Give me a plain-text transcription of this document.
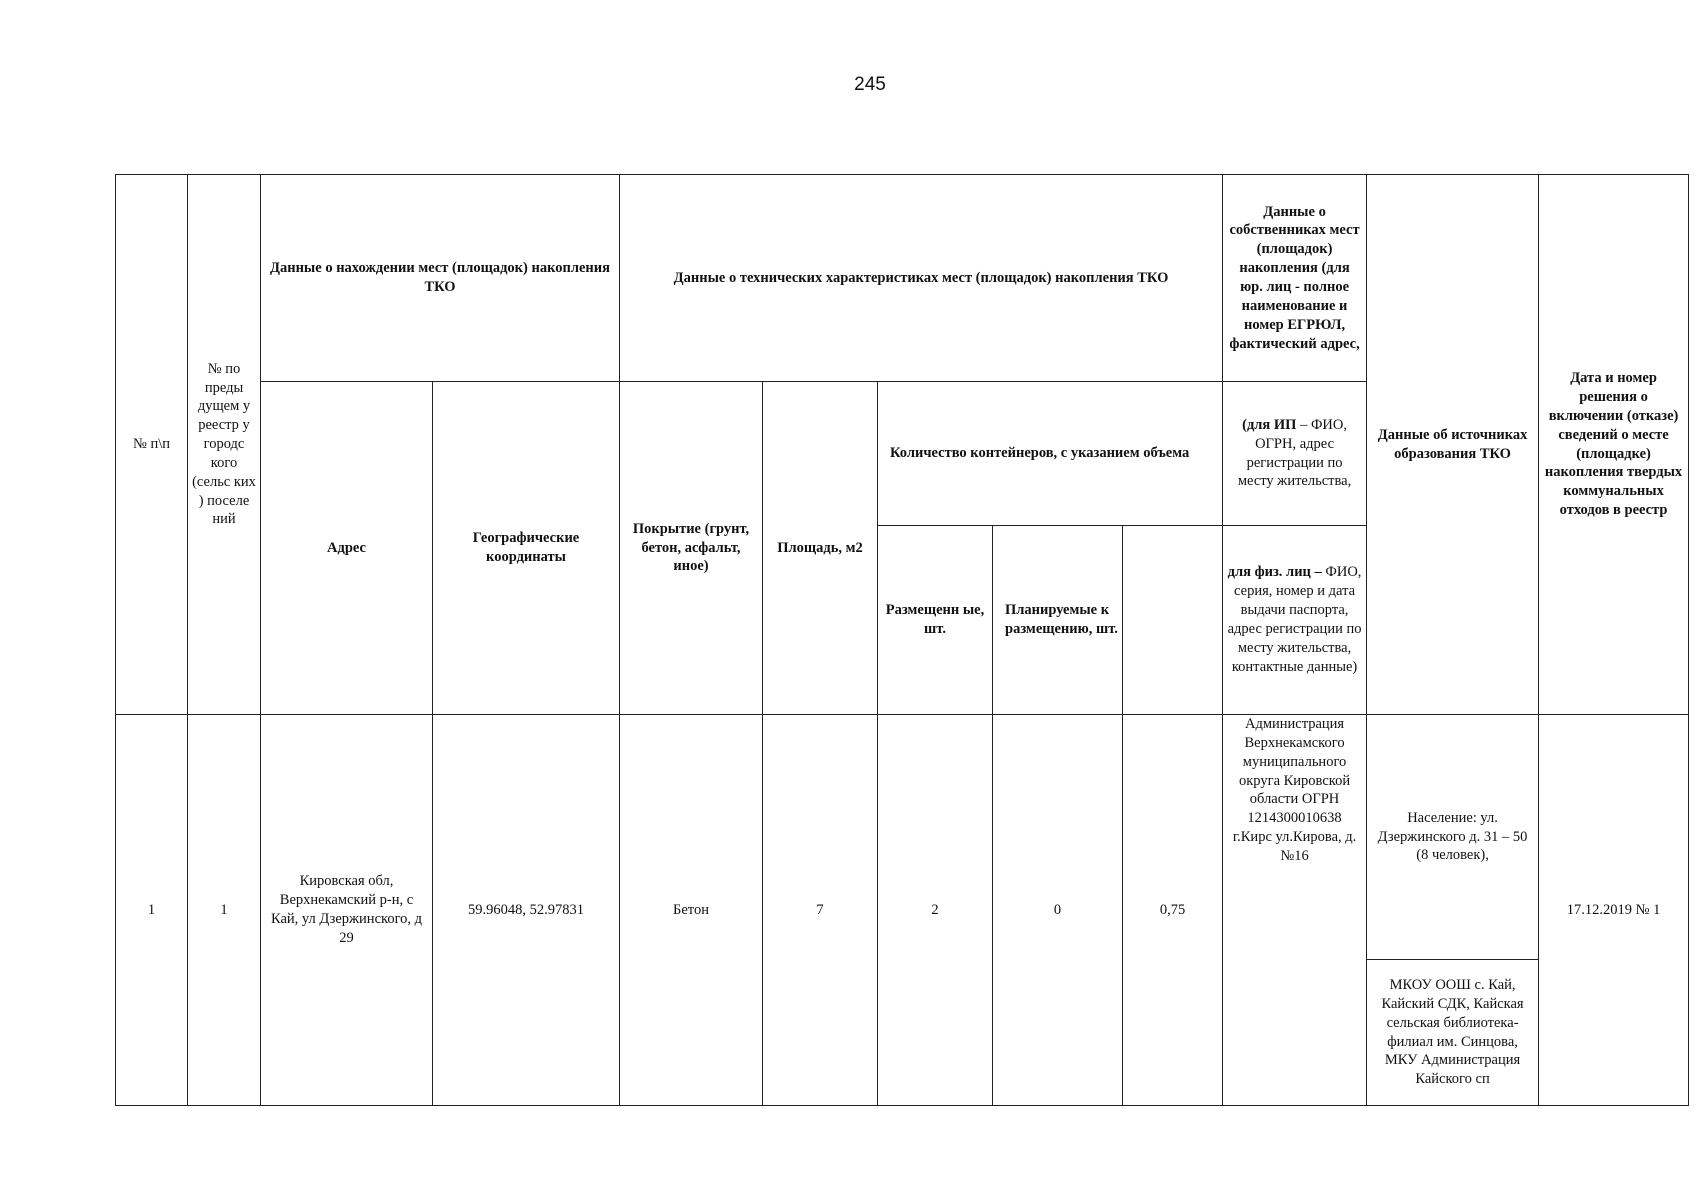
245
№ п\п	№ по преды дущем у реестр у городс кого (сельс ких ) поселе ний	Данные о нахождении мест (площадок) накопления ТКО		Данные о технических характеристиках мест (площадок) накопления ТКО					Данные о собственниках мест (площадок) накопления (для юр. лиц - полное наименование и номер ЕГРЮЛ, фактический адрес,	Данные об источниках образования ТКО	Дата и номер решения о включении (отказе) сведений о месте (площадке) накопления твердых коммунальных отходов в реестр
		Адрес	Географические координаты	Покрытие (грунт, бетон, асфальт, иное)	Площадь, м2	Количество контейнеров, с указанием объема			(для ИП – ФИО, ОГРН, адрес регистрации по месту жительства,		
						Размещенн ые, шт.	Планируемые к размещению, шт.		для физ. лиц – ФИО, серия, номер и дата выдачи паспорта, адрес регистрации по месту жительства, контактные данные)		
1	1	Кировская обл, Верхнекамский р-н, с Кай, ул Дзержинского, д 29	59.96048, 52.97831	Бетон	7	2	0	0,75	Администрация Верхнекамского муниципального округа Кировской области ОГРН 1214300010638 г.Кирс ул.Кирова, д.№16	Население: ул. Дзержинского д. 31 – 50 (8 человек),	17.12.2019 № 1
										МКОУ ООШ с. Кай, Кайский СДК, Кайская сельская библиотека-филиал им. Синцова, МКУ Администрация Кайского сп	
